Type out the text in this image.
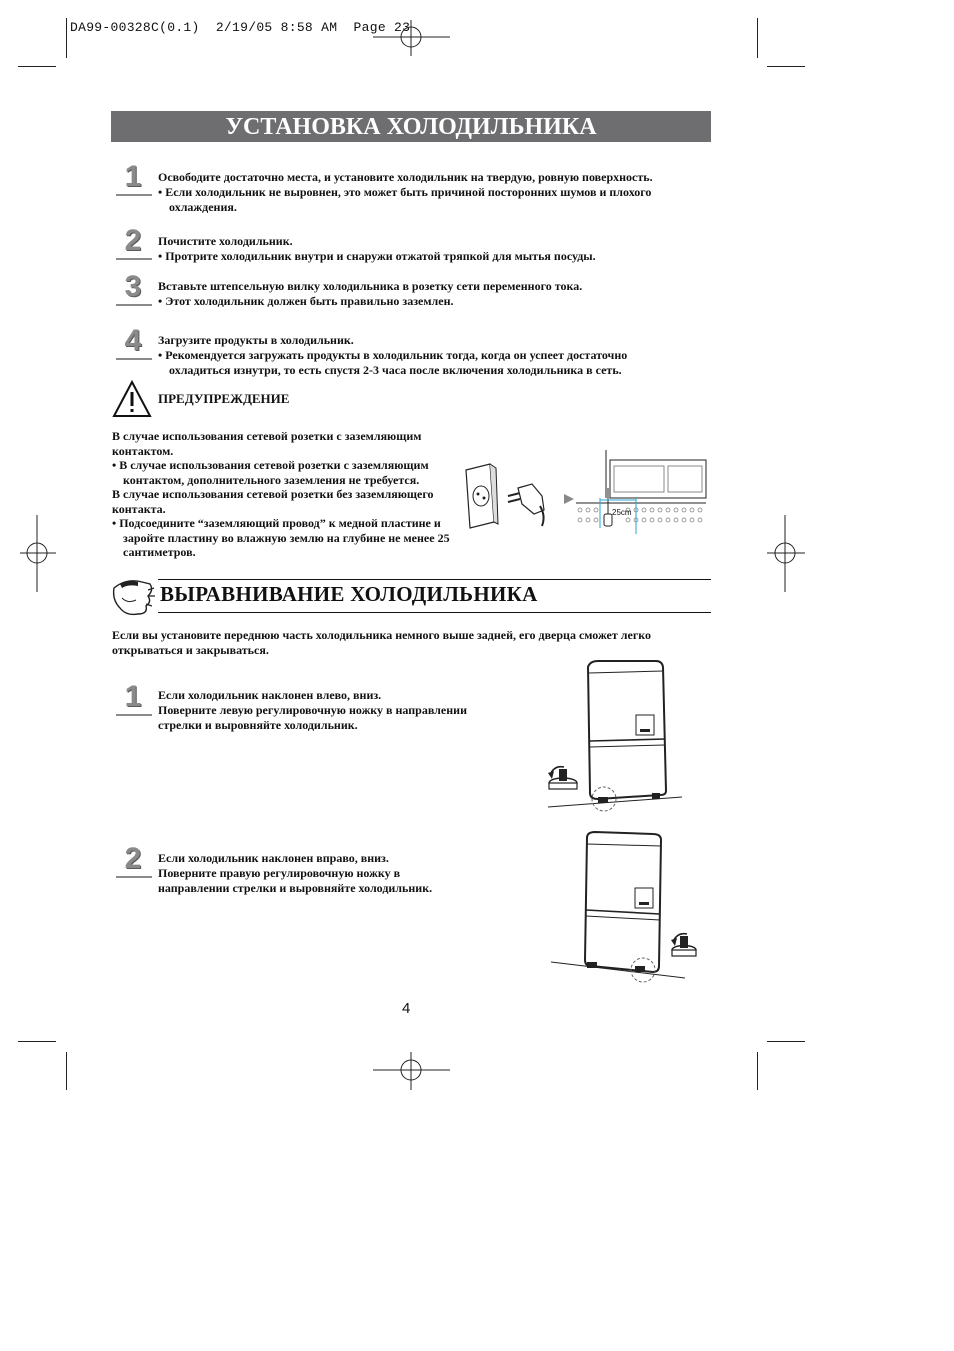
DA99-00328C(0.1)  2/19/05 8:58 AM  Page 23
УСТАНОВКА ХОЛОДИЛЬНИКА
1	Освободите достаточно места, и установите холодильник на твердую, ровную поверхность.

• Если холодильник не выровнен, это может быть причиной посторонних шумов и плохого охлаждения.

2	Почистите холодильник.

• Протрите холодильник внутри и снаружи отжатой тряпкой для мытья посуды.

3	Вставьте штепсельную вилку холодильника в розетку сети переменного тока.

• Этот холодильник должен быть правильно заземлен.

4	Загрузите продукты в холодильник.

• Рекомендуется загружать продукты в холодильник тогда, когда он успеет достаточно охладиться изнутри, то есть спустя 2-3 часа после включения холодильника в сеть.

ПРЕДУПРЕЖДЕНИЕ

В случае использования сетевой розетки с заземляющим контактом.

• В случае использования сетевой розетки с заземляющим контактом, дополнительного заземления не требуется.

В случае использования сетевой розетки без заземляющего контакта.

• Подсоедините “заземляющий провод” к медной пластине и заройте пластину во влажную землю на глубине не менее 25 сантиметров.

25cm
ВЫРАВНИВАНИЕ ХОЛОДИЛЬНИКА
Если вы установите переднюю часть холодильника немного выше задней, его дверца сможет легко открываться и закрываться.
1	Если холодильник наклонен влево, вниз.

Поверните левую регулировочную ножку в направлении

стрелки и выровняйте холодильник.

2	Если холодильник наклонен вправо, вниз.

Поверните правую регулировочную ножку в

направлении стрелки и выровняйте холодильник.

4
